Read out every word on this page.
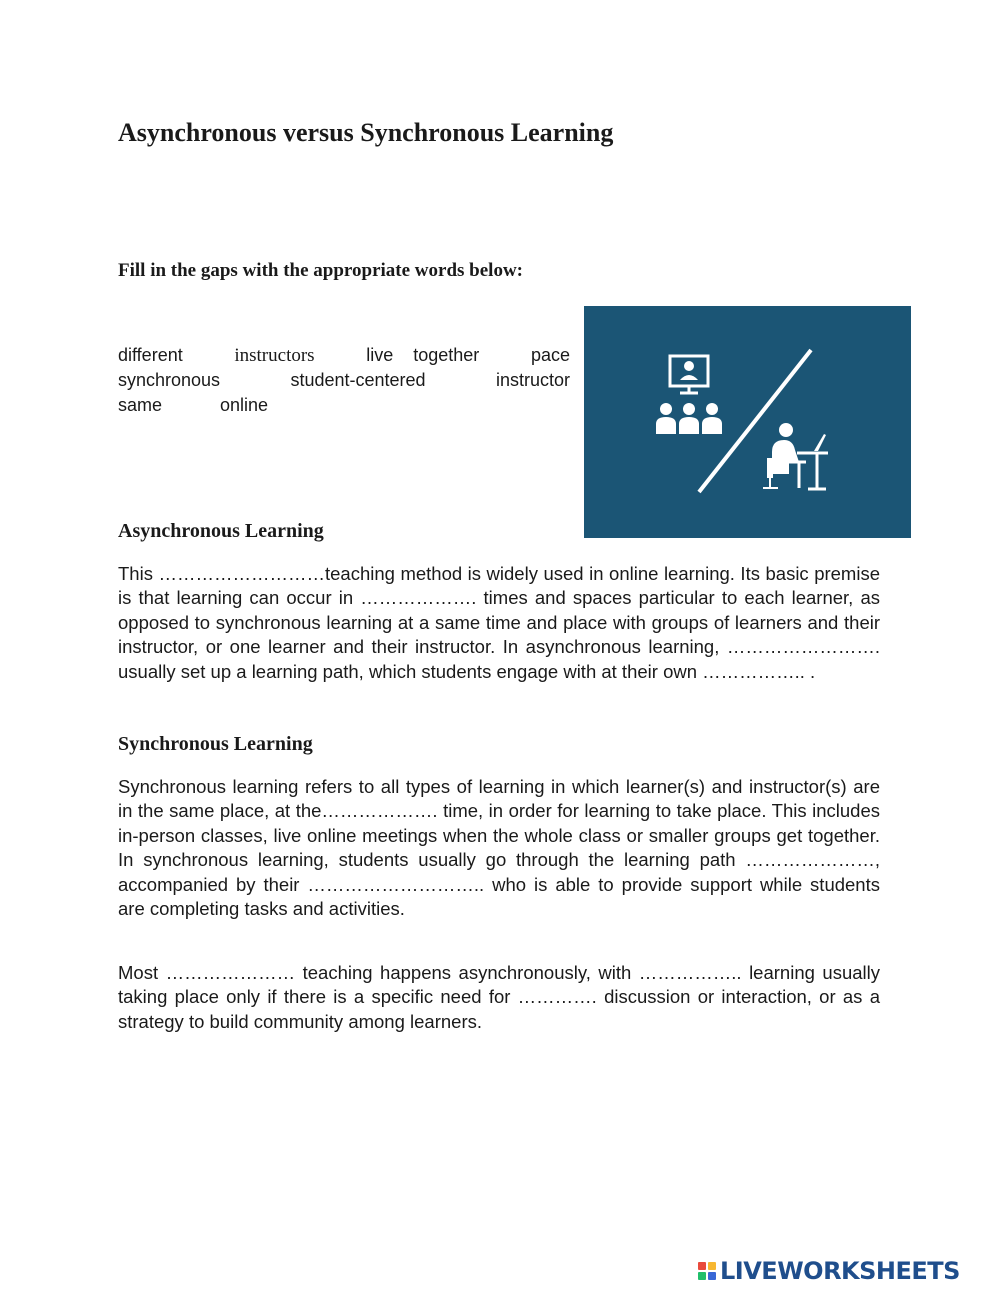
Asynchronous versus Synchronous Learning

Fill in the gaps with the appropriate words below:

different	instructors	live together	pace
synchronous	student-centered	instructor
same	online
Asynchronous Learning

This ………………………teaching method is widely used in online learning. Its basic premise is that learning can occur in ………………. times and spaces particular to each learner, as opposed to synchronous learning at a same time and place with groups of learners and their instructor, or one learner and their instructor. In asynchronous learning, ……………………. usually set up a learning path, which students engage with at their own …………….. .

Synchronous Learning

Synchronous learning refers to all types of learning in which learner(s) and instructor(s) are in the same place, at the………………. time, in order for learning to take place. This includes in-person classes, live online meetings when the whole class or smaller groups get together. In synchronous learning, students usually go through the learning path …………………, accompanied by their ……………………….. who is able to provide support while students are completing tasks and activities.

Most ………………… teaching happens asynchronously, with …………….. learning usually taking place only if there is a specific need for …………. discussion or interaction, or as a strategy to build community among learners.

LIVEWORKSHEETS
